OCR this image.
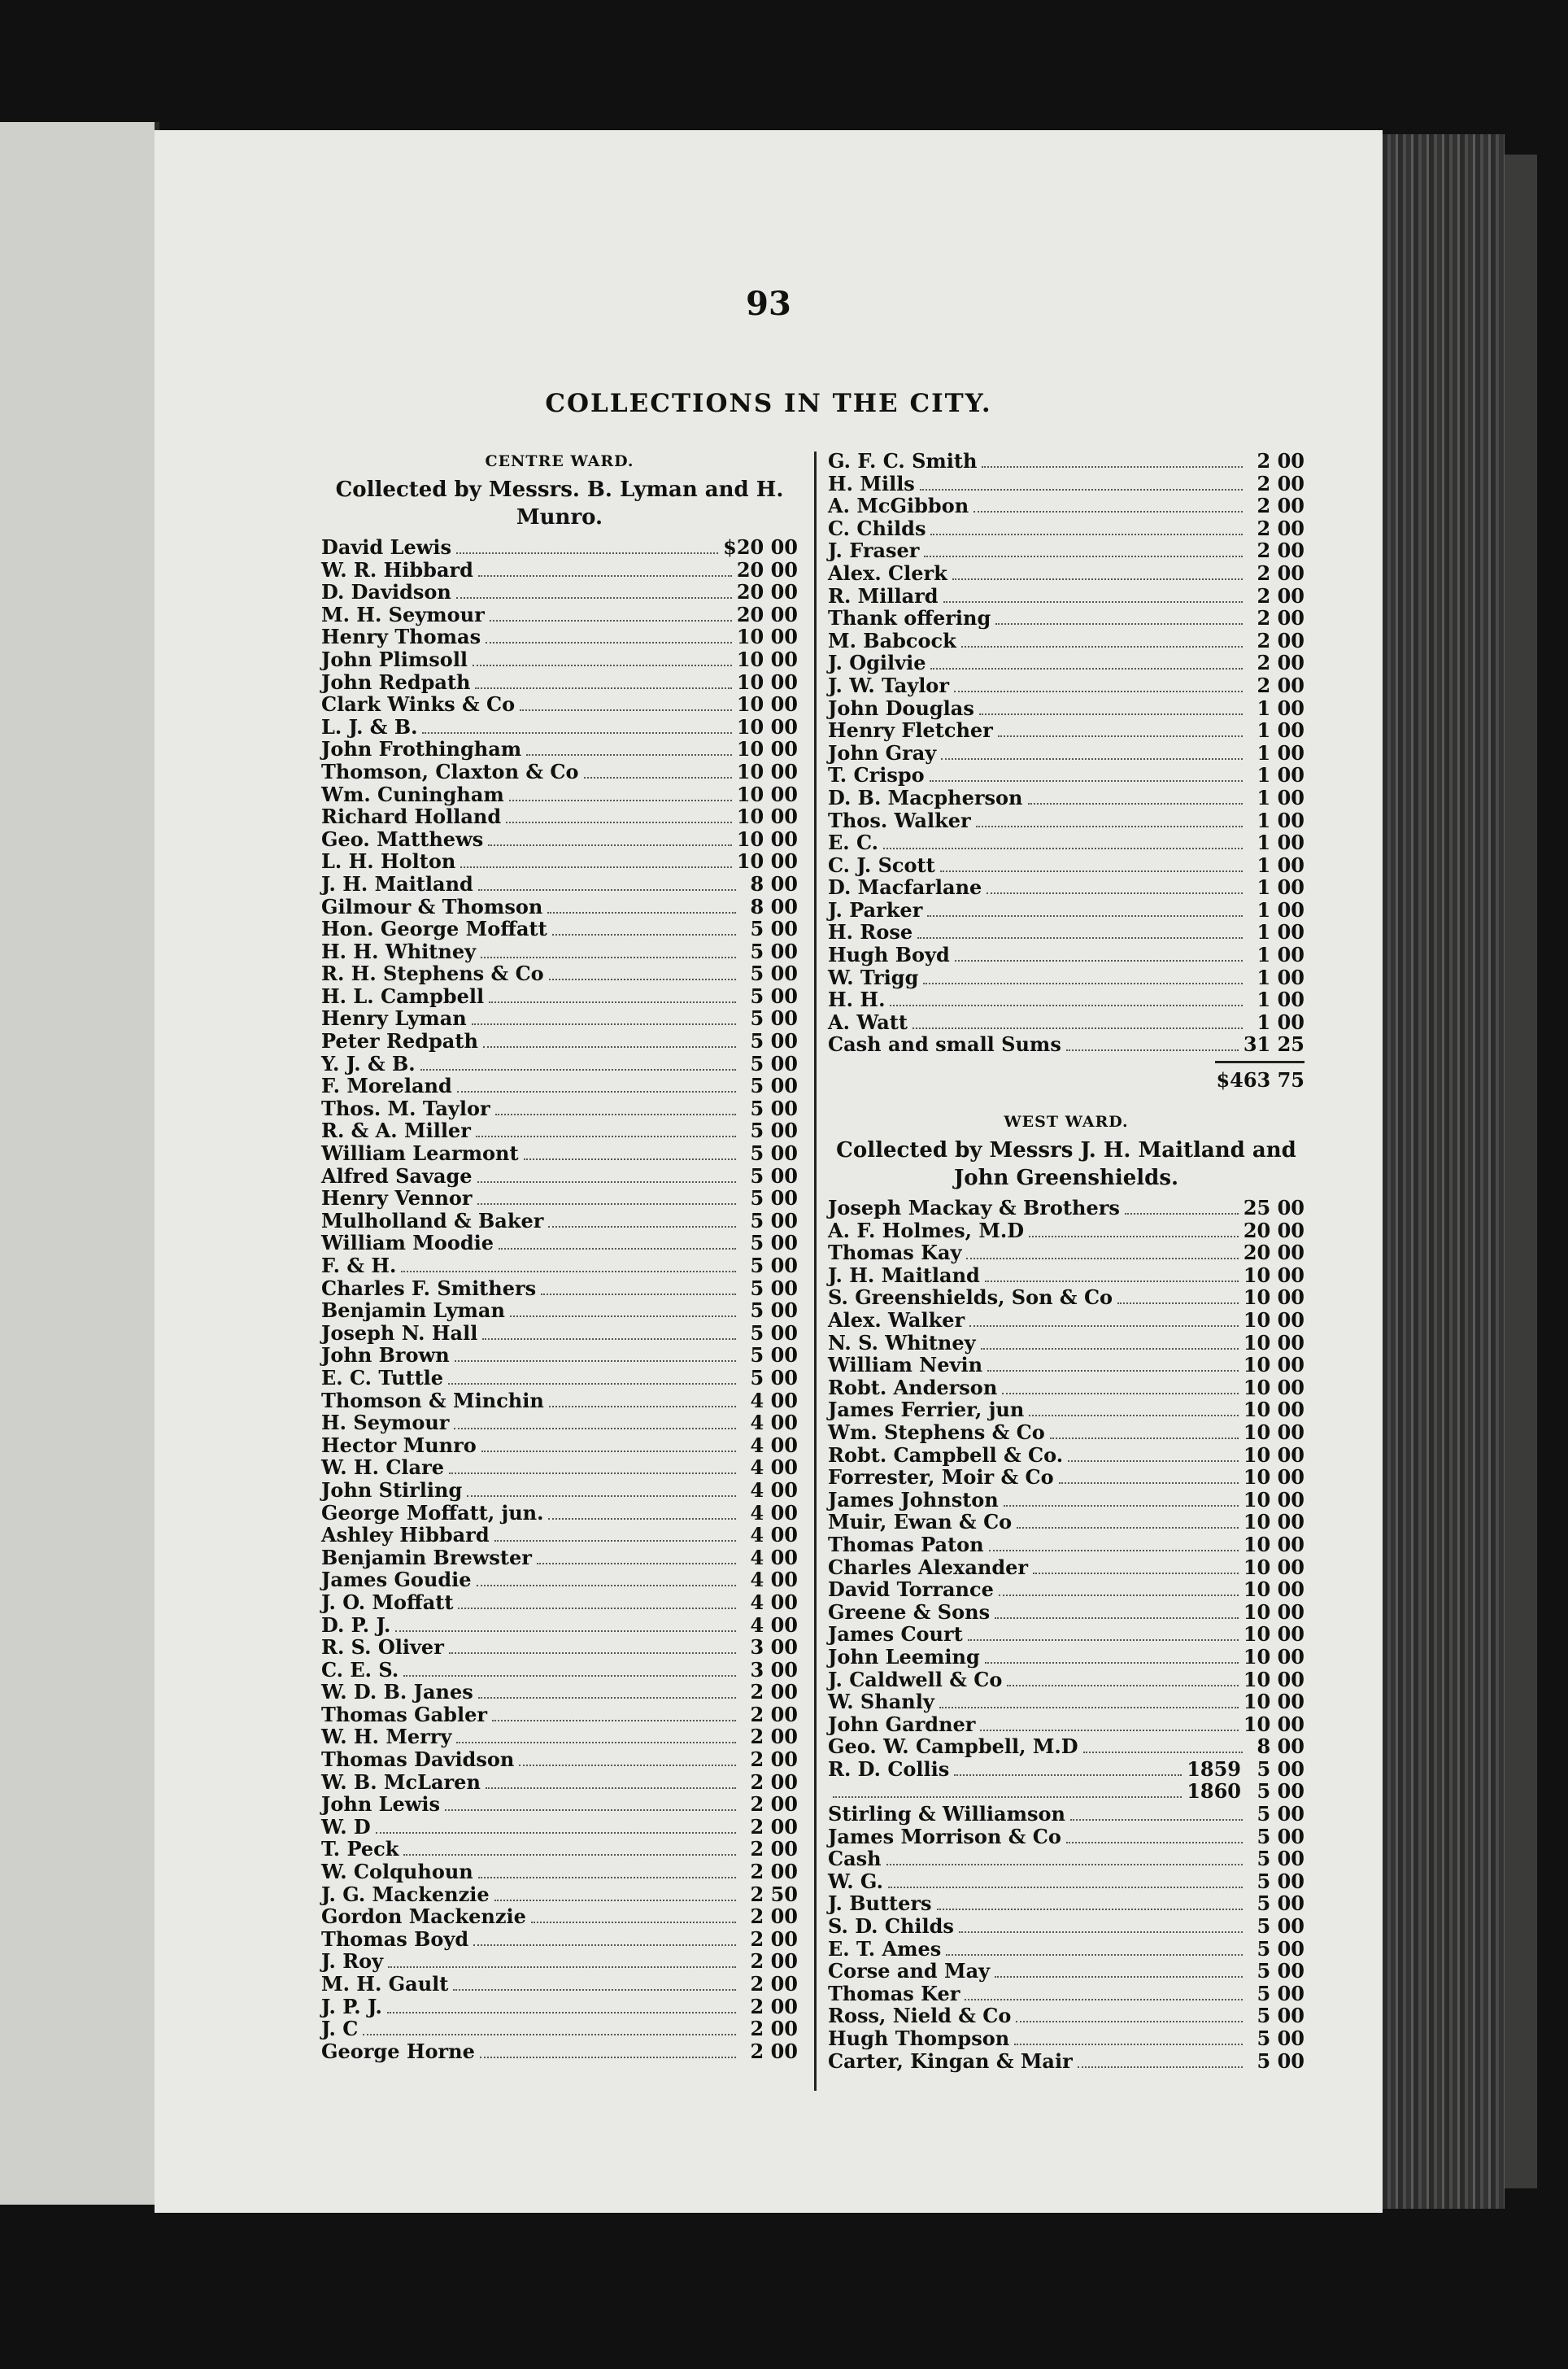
93
COLLECTIONS IN THE CITY.
CENTRE WARD.
Collected by Messrs. B. Lyman and H. Munro.
David Lewis	$20 00
W. R. Hibbard	20 00
D. Davidson	20 00
M. H. Seymour	20 00
Henry Thomas	10 00
John Plimsoll	10 00
John Redpath	10 00
Clark Winks & Co	10 00
L. J. & B.	10 00
John Frothingham	10 00
Thomson, Claxton & Co	10 00
Wm. Cuningham	10 00
Richard Holland	10 00
Geo. Matthews	10 00
L. H. Holton	10 00
J. H. Maitland	8 00
Gilmour & Thomson	8 00
Hon. George Moffatt	5 00
H. H. Whitney	5 00
R. H. Stephens & Co	5 00
H. L. Campbell	5 00
Henry Lyman	5 00
Peter Redpath	5 00
Y. J. & B.	5 00
F. Moreland	5 00
Thos. M. Taylor	5 00
R. & A. Miller	5 00
William Learmont	5 00
Alfred Savage	5 00
Henry Vennor	5 00
Mulholland & Baker	5 00
William Moodie	5 00
F. & H.	5 00
Charles F. Smithers	5 00
Benjamin Lyman	5 00
Joseph N. Hall	5 00
John Brown	5 00
E. C. Tuttle	5 00
Thomson & Minchin	4 00
H. Seymour	4 00
Hector Munro	4 00
W. H. Clare	4 00
John Stirling	4 00
George Moffatt, jun.	4 00
Ashley Hibbard	4 00
Benjamin Brewster	4 00
James Goudie	4 00
J. O. Moffatt	4 00
D. P. J.	4 00
R. S. Oliver	3 00
C. E. S.	3 00
W. D. B. Janes	2 00
Thomas Gabler	2 00
W. H. Merry	2 00
Thomas Davidson	2 00
W. B. McLaren	2 00
John Lewis	2 00
W. D	2 00
T. Peck	2 00
W. Colquhoun	2 00
J. G. Mackenzie	2 50
Gordon Mackenzie	2 00
Thomas Boyd	2 00
J. Roy	2 00
M. H. Gault	2 00
J. P. J.	2 00
J. C	2 00
George Horne	2 00
G. F. C. Smith	2 00
H. Mills	2 00
A. McGibbon	2 00
C. Childs	2 00
J. Fraser	2 00
Alex. Clerk	2 00
R. Millard	2 00
Thank offering	2 00
M. Babcock	2 00
J. Ogilvie	2 00
J. W. Taylor	2 00
John Douglas	1 00
Henry Fletcher	1 00
John Gray	1 00
T. Crispo	1 00
D. B. Macpherson	1 00
Thos. Walker	1 00
E. C.	1 00
C. J. Scott	1 00
D. Macfarlane	1 00
J. Parker	1 00
H. Rose	1 00
Hugh Boyd	1 00
W. Trigg	1 00
H. H.	1 00
A. Watt	1 00
Cash and small Sums	31 25
$463 75
WEST WARD.
Collected by Messrs J. H. Maitland and John Greenshields.
Joseph Mackay & Brothers	25 00
A. F. Holmes, M.D	20 00
Thomas Kay	20 00
J. H. Maitland	10 00
S. Greenshields, Son & Co	10 00
Alex. Walker	10 00
N. S. Whitney	10 00
William Nevin	10 00
Robt. Anderson	10 00
James Ferrier, jun	10 00
Wm. Stephens & Co	10 00
Robt. Campbell & Co.	10 00
Forrester, Moir & Co	10 00
James Johnston	10 00
Muir, Ewan & Co	10 00
Thomas Paton	10 00
Charles Alexander	10 00
David Torrance	10 00
Greene & Sons	10 00
James Court	10 00
John Leeming	10 00
J. Caldwell & Co	10 00
W. Shanly	10 00
John Gardner	10 00
Geo. W. Campbell, M.D	8 00
R. D. Collis	1859 5 00
1860 5 00
Stirling & Williamson	5 00
James Morrison & Co	5 00
Cash	5 00
W. G.	5 00
J. Butters	5 00
S. D. Childs	5 00
E. T. Ames	5 00
Corse and May	5 00
Thomas Ker	5 00
Ross, Nield & Co	5 00
Hugh Thompson	5 00
Carter, Kingan & Mair	5 00
